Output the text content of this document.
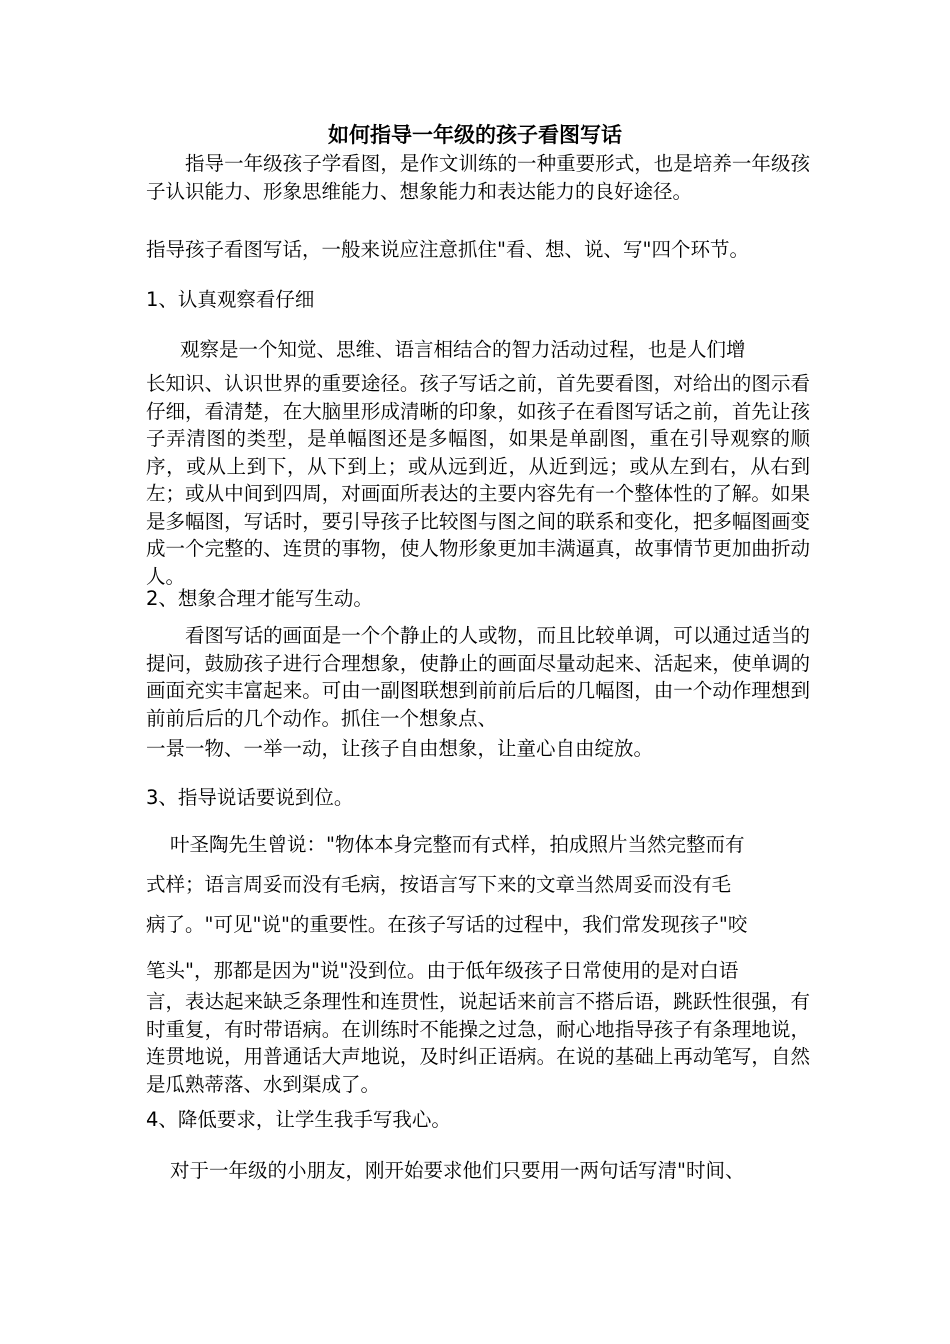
如何指导一年级的孩子看图写话

指导一年级孩子学看图，是作文训练的一种重要形式，也是培养一年级孩子认识能力、形象思维能力、想象能力和表达能力的良好途径。

指导孩子看图写话，一般来说应注意抓住"看、想、说、写"四个环节。

1、认真观察看仔细

观察是一个知觉、思维、语言相结合的智力活动过程，也是人们增

长知识、认识世界的重要途径。孩子写话之前，首先要看图，对给出的图示看仔细，看清楚，在大脑里形成清晰的印象，如孩子在看图写话之前，首先让孩子弄清图的类型，是单幅图还是多幅图，如果是单副图，重在引导观察的顺序，或从上到下，从下到上；或从远到近，从近到远；或从左到右，从右到左；或从中间到四周，对画面所表达的主要内容先有一个整体性的了解。如果是多幅图，写话时，要引导孩子比较图与图之间的联系和变化，把多幅图画变成一个完整的、连贯的事物，使人物形象更加丰满逼真，故事情节更加曲折动人。

2、想象合理才能写生动。

看图写话的画面是一个个静止的人或物，而且比较单调，可以通过适当的提问，鼓励孩子进行合理想象，使静止的画面尽量动起来、活起来，使单调的画面充实丰富起来。可由一副图联想到前前后后的几幅图，由一个动作理想到前前后后的几个动作。抓住一个想象点、

一景一物、一举一动，让孩子自由想象，让童心自由绽放。

3、指导说话要说到位。

叶圣陶先生曾说："物体本身完整而有式样，拍成照片当然完整而有

式样；语言周妥而没有毛病，按语言写下来的文章当然周妥而没有毛

病了。"可见"说"的重要性。在孩子写话的过程中，我们常发现孩子"咬

笔头"，那都是因为"说"没到位。由于低年级孩子日常使用的是对白语

言，表达起来缺乏条理性和连贯性，说起话来前言不搭后语，跳跃性很强，有时重复，有时带语病。在训练时不能操之过急，耐心地指导孩子有条理地说，连贯地说，用普通话大声地说，及时纠正语病。在说的基础上再动笔写，自然是瓜熟蒂落、水到渠成了。

4、降低要求，让学生我手写我心。

对于一年级的小朋友，刚开始要求他们只要用一两句话写清"时间、
